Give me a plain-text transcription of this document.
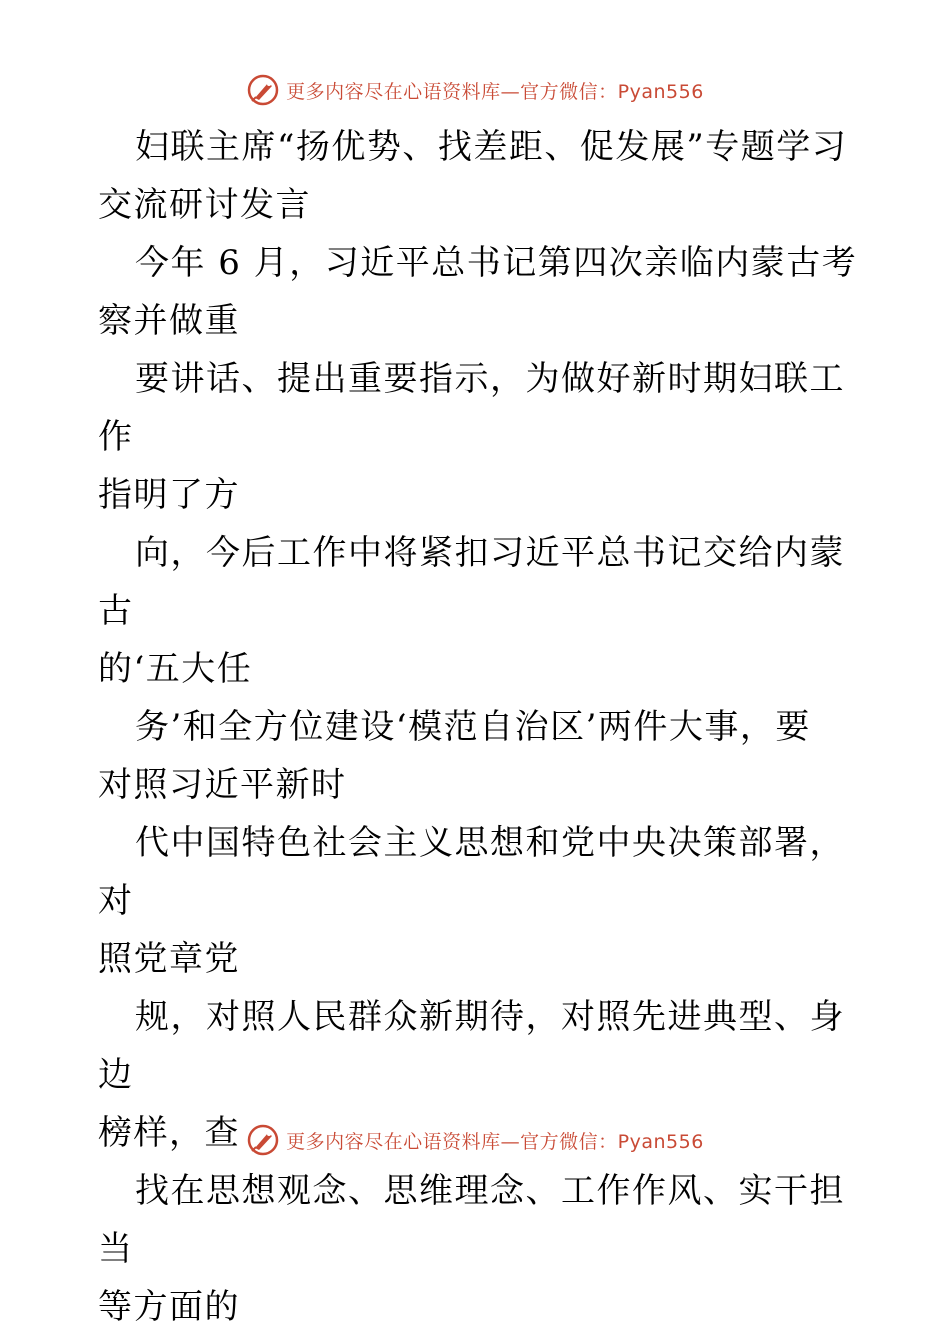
更多内容尽在心语资料库—官方微信：Pyan556

妇联主席“扬优势、找差距、促发展”专题学习
交流研讨发言

今年 6 月，习近平总书记第四次亲临内蒙古考
察并做重

要讲话、提出重要指示，为做好新时期妇联工作
指明了方

向，今后工作中将紧扣习近平总书记交给内蒙古
的‘五大任

务’和全方位建设‘模范自治区’两件大事，要
对照习近平新时

代中国特色社会主义思想和党中央决策部署，对
照党章党

规，对照人民群众新期待，对照先进典型、身边
榜样，查

找在思想观念、思维理念、工作作风、实干担当
等方面的

更多内容尽在心语资料库—官方微信：Pyan556
